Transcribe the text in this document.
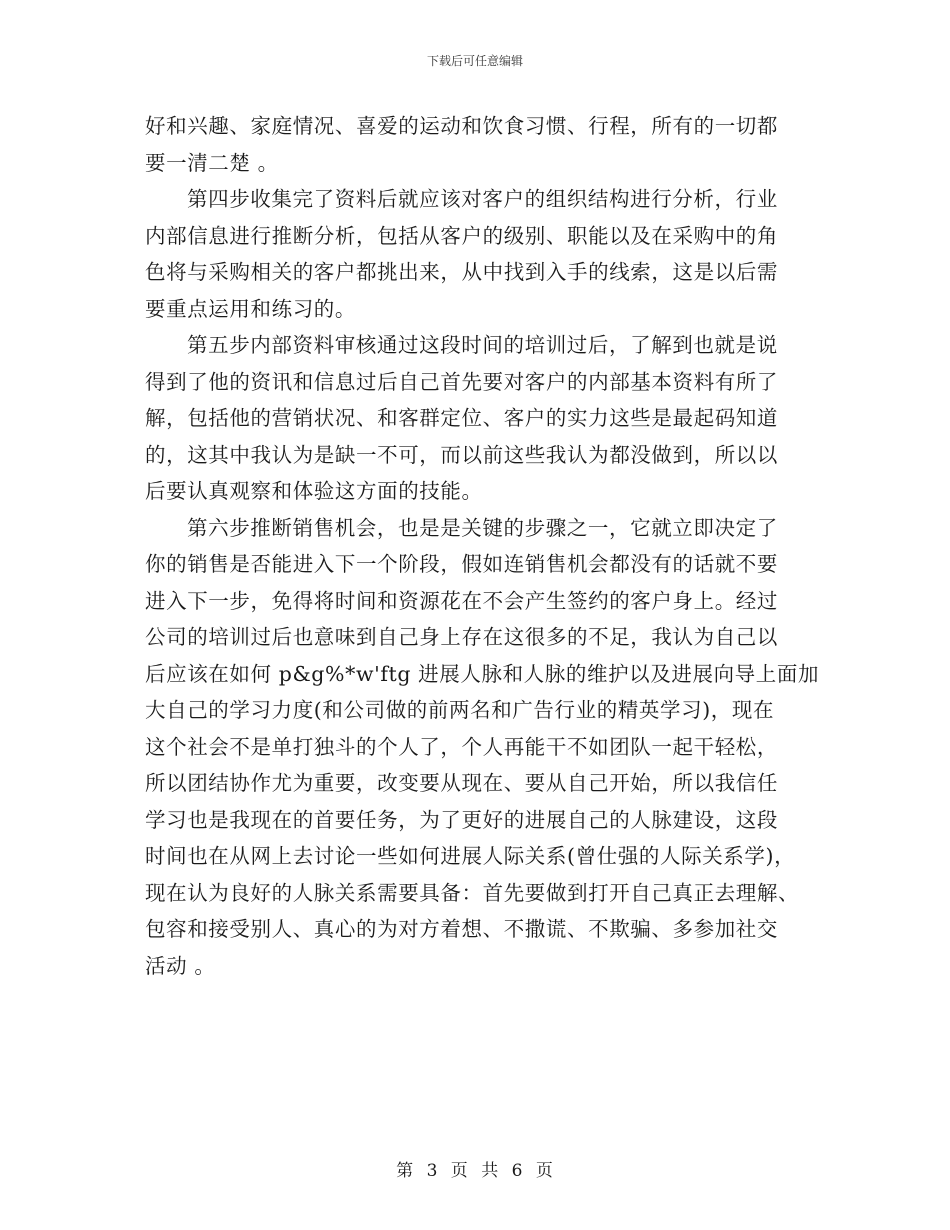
下载后可任意编辑

好和兴趣、家庭情况、喜爱的运动和饮食习惯、行程，所有的一切都
要一清二楚 。

第四步收集完了资料后就应该对客户的组织结构进行分析，行业
内部信息进行推断分析，包括从客户的级别、职能以及在采购中的角
色将与采购相关的客户都挑出来，从中找到入手的线索，这是以后需
要重点运用和练习的。

第五步内部资料审核通过这段时间的培训过后，了解到也就是说
得到了他的资讯和信息过后自己首先要对客户的内部基本资料有所了
解，包括他的营销状况、和客群定位、客户的实力这些是最起码知道
的，这其中我认为是缺一不可，而以前这些我认为都没做到，所以以
后要认真观察和体验这方面的技能。

第六步推断销售机会，也是是关键的步骤之一，它就立即决定了
你的销售是否能进入下一个阶段，假如连销售机会都没有的话就不要
进入下一步，免得将时间和资源花在不会产生签约的客户身上。经过
公司的培训过后也意味到自己身上存在这很多的不足，我认为自己以
后应该在如何 p&g%*w'ftg 进展人脉和人脉的维护以及进展向导上面加
大自己的学习力度(和公司做的前两名和广告行业的精英学习)，现在
这个社会不是单打独斗的个人了，个人再能干不如团队一起干轻松，
所以团结协作尤为重要，改变要从现在、要从自己开始，所以我信任
学习也是我现在的首要任务，为了更好的进展自己的人脉建设，这段
时间也在从网上去讨论一些如何进展人际关系(曾仕强的人际关系学)，
现在认为良好的人脉关系需要具备：首先要做到打开自己真正去理解、
包容和接受别人、真心的为对方着想、不撒谎、不欺骗、多参加社交
活动 。

第 3 页 共 6 页
